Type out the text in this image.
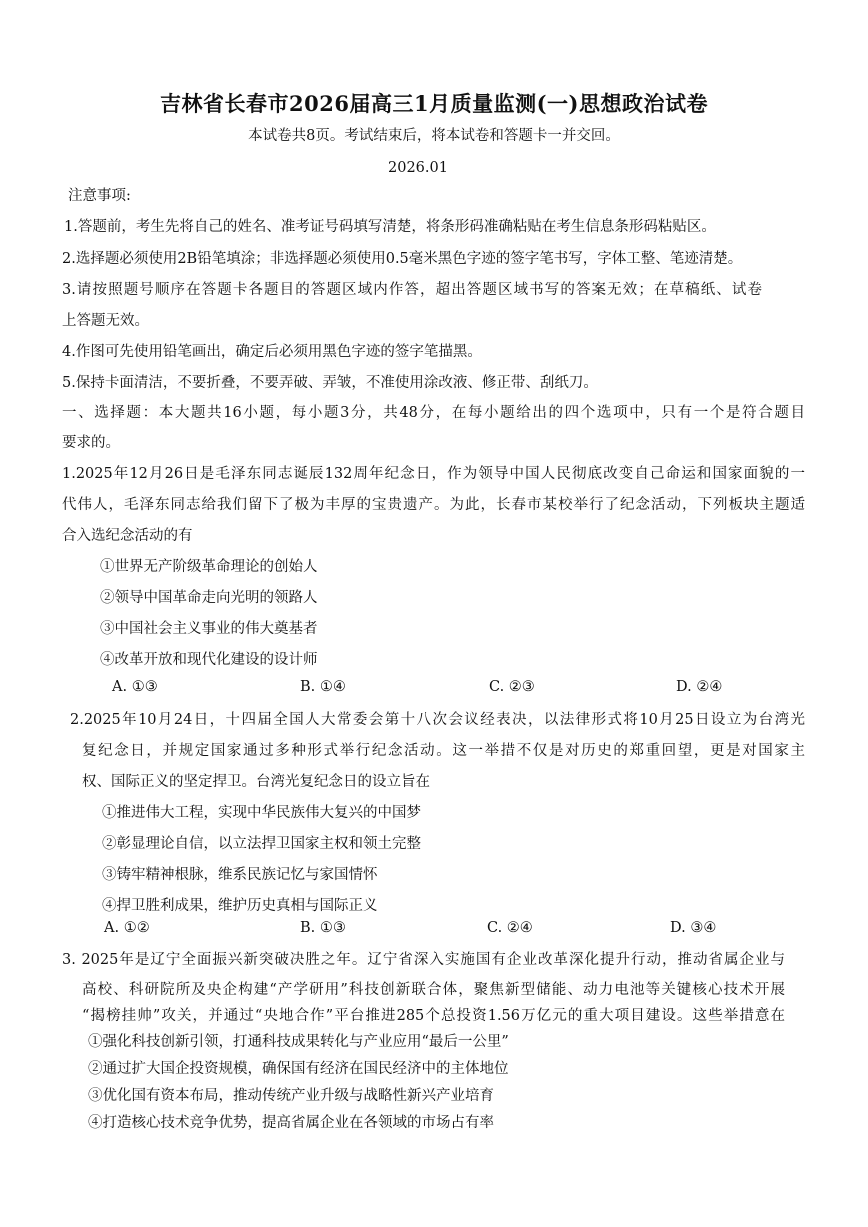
吉林省长春市2026届高三1月质量监测(一)思想政治试卷
本试卷共8页。考试结束后，将本试卷和答题卡一并交回。
2026.01
注意事项:
1.答题前，考生先将自己的姓名、准考证号码填写清楚，将条形码准确粘贴在考生信息条形码粘贴区。
2.选择题必须使用2B铅笔填涂；非选择题必须使用0.5毫米黑色字迹的签字笔书写，字体工整、笔迹清楚。
3.请按照题号顺序在答题卡各题目的答题区域内作答，超出答题区域书写的答案无效；在草稿纸、试卷
上答题无效。
4.作图可先使用铅笔画出，确定后必须用黑色字迹的签字笔描黑。
5.保持卡面清洁，不要折叠，不要弄破、弄皱，不准使用涂改液、修正带、刮纸刀。
一、选择题：本大题共16小题，每小题3分，共48分，在每小题给出的四个选项中，只有一个是符合题目
要求的。
1.2025年12月26日是毛泽东同志诞辰132周年纪念日，作为领导中国人民彻底改变自己命运和国家面貌的一
代伟人，毛泽东同志给我们留下了极为丰厚的宝贵遗产。为此，长春市某校举行了纪念活动，下列板块主题适
合入选纪念活动的有
①世界无产阶级革命理论的创始人
②领导中国革命走向光明的领路人
③中国社会主义事业的伟大奠基者
④改革开放和现代化建设的设计师
A. ①③	B. ①④	C. ②③	D. ②④
2.2025年10月24日，十四届全国人大常委会第十八次会议经表决，以法律形式将10月25日设立为台湾光
复纪念日，并规定国家通过多种形式举行纪念活动。这一举措不仅是对历史的郑重回望，更是对国家主
权、国际正义的坚定捍卫。台湾光复纪念日的设立旨在
①推进伟大工程，实现中华民族伟大复兴的中国梦
②彰显理论自信，以立法捍卫国家主权和领土完整
③铸牢精神根脉，维系民族记忆与家国情怀
④捍卫胜利成果，维护历史真相与国际正义
A. ①②	B. ①③	C. ②④	D. ③④
3. 2025年是辽宁全面振兴新突破决胜之年。辽宁省深入实施国有企业改革深化提升行动，推动省属企业与
高校、科研院所及央企构建“产学研用”科技创新联合体，聚焦新型储能、动力电池等关键核心技术开展
“揭榜挂帅”攻关，并通过“央地合作”平台推进285个总投资1.56万亿元的重大项目建设。这些举措意在
①强化科技创新引领，打通科技成果转化与产业应用“最后一公里”
②通过扩大国企投资规模，确保国有经济在国民经济中的主体地位
③优化国有资本布局，推动传统产业升级与战略性新兴产业培育
④打造核心技术竞争优势，提高省属企业在各领域的市场占有率
